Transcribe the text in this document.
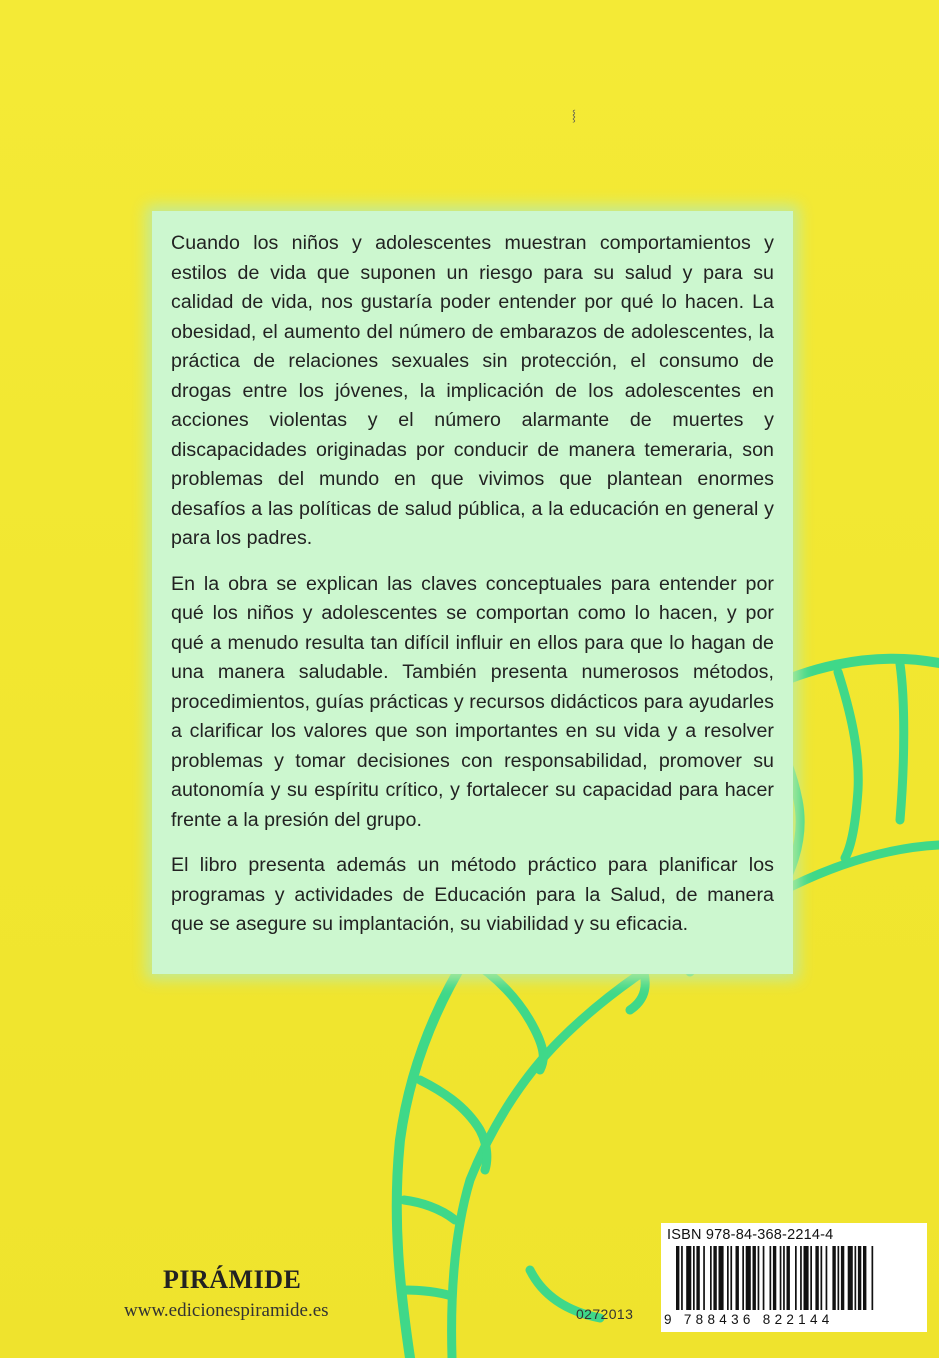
⸾

Cuando los niños y adolescentes muestran comportamientos y estilos de vida que suponen un riesgo para su salud y para su calidad de vida, nos gustaría poder entender por qué lo hacen. La obesidad, el aumento del número de embarazos de adolescentes, la práctica de relaciones sexuales sin protección, el consumo de drogas entre los jóvenes, la implicación de los adolescentes en acciones violentas y el número alarmante de muertes y discapacidades originadas por conducir de manera temeraria, son problemas del mundo en que vivimos que plantean enormes desafíos a las políticas de salud pública, a la educación en general y para los padres.

En la obra se explican las claves conceptuales para entender por qué los niños y adolescentes se comportan como lo hacen, y por qué a menudo resulta tan difícil influir en ellos para que lo hagan de una manera saludable. También presenta numerosos métodos, procedimientos, guías prácticas y recursos didácticos para ayudarles a clarificar los valores que son importantes en su vida y a resolver problemas y tomar decisiones con responsabilidad, promover su autonomía y su espíritu crítico, y fortalecer su capacidad para hacer frente a la presión del grupo.

El libro presenta además un método práctico para planificar los programas y actividades de Educación para la Salud, de manera que se asegure su implantación, su viabilidad y su eficacia.

PIRÁMIDE
www.edicionespiramide.es	0272013
ISBN 978-84-368-2214-4
9 788436 822144
